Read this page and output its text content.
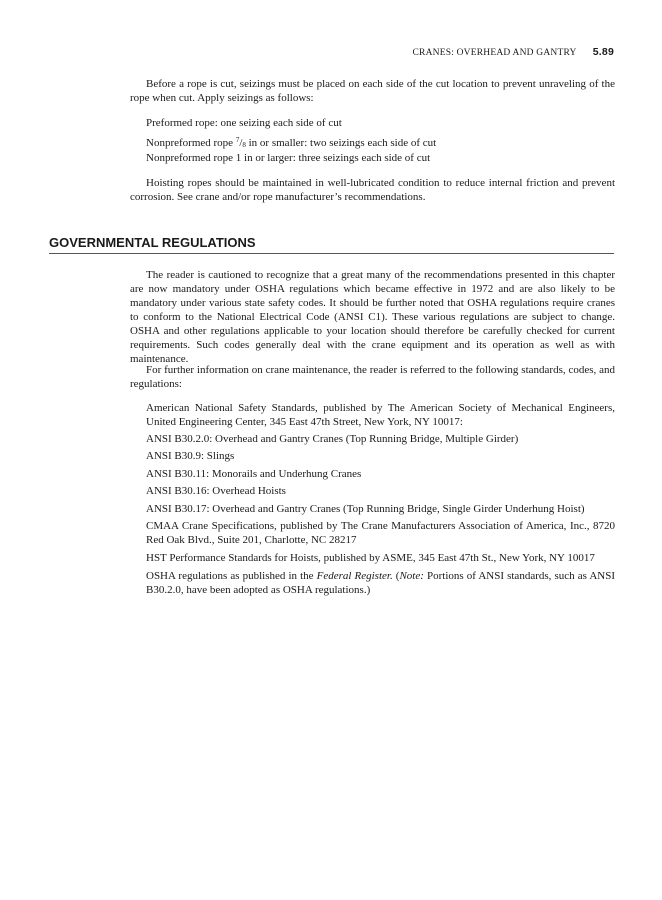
CRANES: OVERHEAD AND GANTRY 5.89
Before a rope is cut, seizings must be placed on each side of the cut location to prevent unraveling of the rope when cut. Apply seizings as follows:
Preformed rope: one seizing each side of cut
Nonpreformed rope $^7/_8$ in or smaller: two seizings each side of cut
Nonpreformed rope 1 in or larger: three seizings each side of cut
Hoisting ropes should be maintained in well-lubricated condition to reduce internal friction and prevent corrosion. See crane and/or rope manufacturer’s recommendations.
GOVERNMENTAL REGULATIONS
The reader is cautioned to recognize that a great many of the recommendations presented in this chapter are now mandatory under OSHA regulations which became effective in 1972 and are also likely to be mandatory under various state safety codes. It should be further noted that OSHA regulations require cranes to conform to the National Electrical Code (ANSI C1). These various regulations are subject to change. OSHA and other regulations applicable to your location should therefore be carefully checked for current requirements. Such codes generally deal with the crane equipment and its operation as well as with maintenance.
For further information on crane maintenance, the reader is referred to the following standards, codes, and regulations:
American National Safety Standards, published by The American Society of Mechanical Engineers, United Engineering Center, 345 East 47th Street, New York, NY 10017:
ANSI B30.2.0: Overhead and Gantry Cranes (Top Running Bridge, Multiple Girder)
ANSI B30.9: Slings
ANSI B30.11: Monorails and Underhung Cranes
ANSI B30.16: Overhead Hoists
ANSI B30.17: Overhead and Gantry Cranes (Top Running Bridge, Single Girder Underhung Hoist)
CMAA Crane Specifications, published by The Crane Manufacturers Association of America, Inc., 8720 Red Oak Blvd., Suite 201, Charlotte, NC 28217
HST Performance Standards for Hoists, published by ASME, 345 East 47th St., New York, NY 10017
OSHA regulations as published in the Federal Register. (Note: Portions of ANSI standards, such as ANSI B30.2.0, have been adopted as OSHA regulations.)
